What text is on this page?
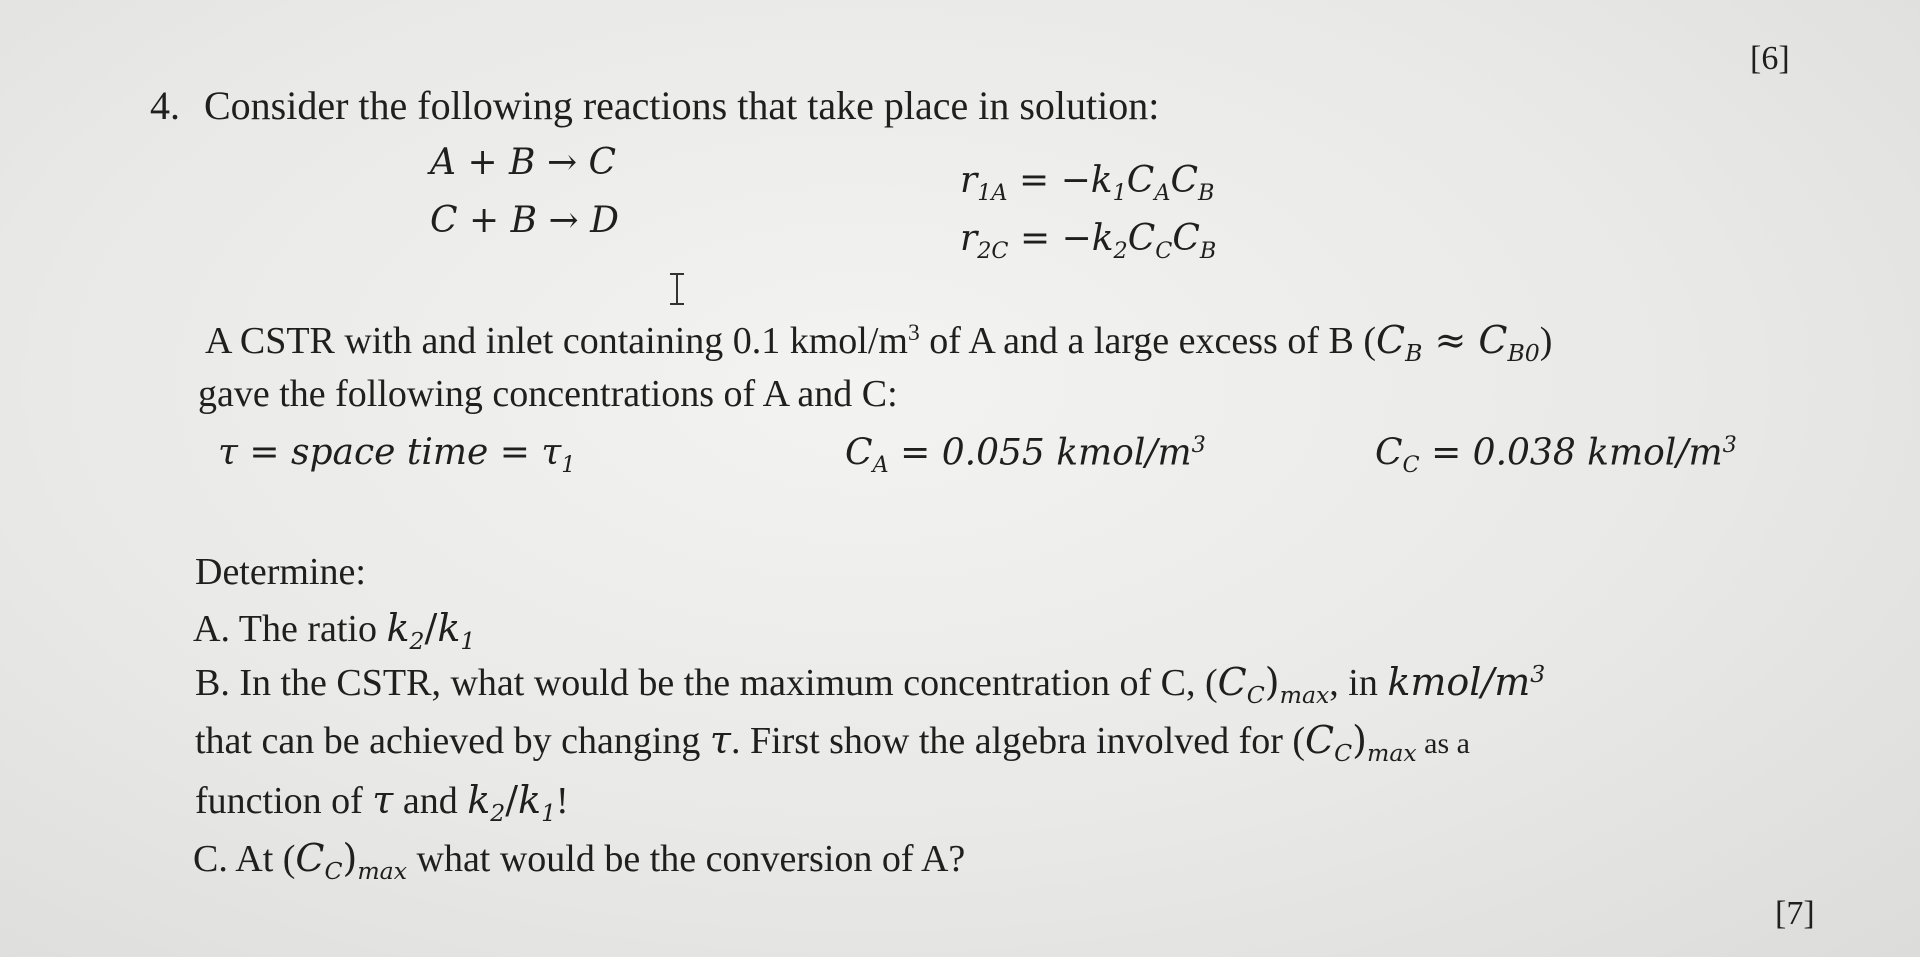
[6]
[7]
4. Consider the following reactions that take place in solution:
A + B → C	$r_{1A} = -k_1C_AC_B$
C + B → D	$r_{2C} = -k_2C_CC_B$
A CSTR with and inlet containing 0.1 kmol/$m^3$ of A and a large excess of B $(C_B \approx C_{B0})$
gave the following concentrations of A and C:
τ = space time = $\tau_1$	$C_A = 0.055$ kmol/$m^3$	$C_C = 0.038$ kmol/$m^3$
Determine:
A. The ratio $k_2/k_1$
B. In the CSTR, what would be the maximum concentration of C, $(C_C)_{max}$, in kmol/$m^3$
that can be achieved by changing τ. First show the algebra involved for $(C_C)_{max}$ as a
function of τ and $k_2/k_1$!
C. At $(C_C)_{max}$ what would be the conversion of A?
